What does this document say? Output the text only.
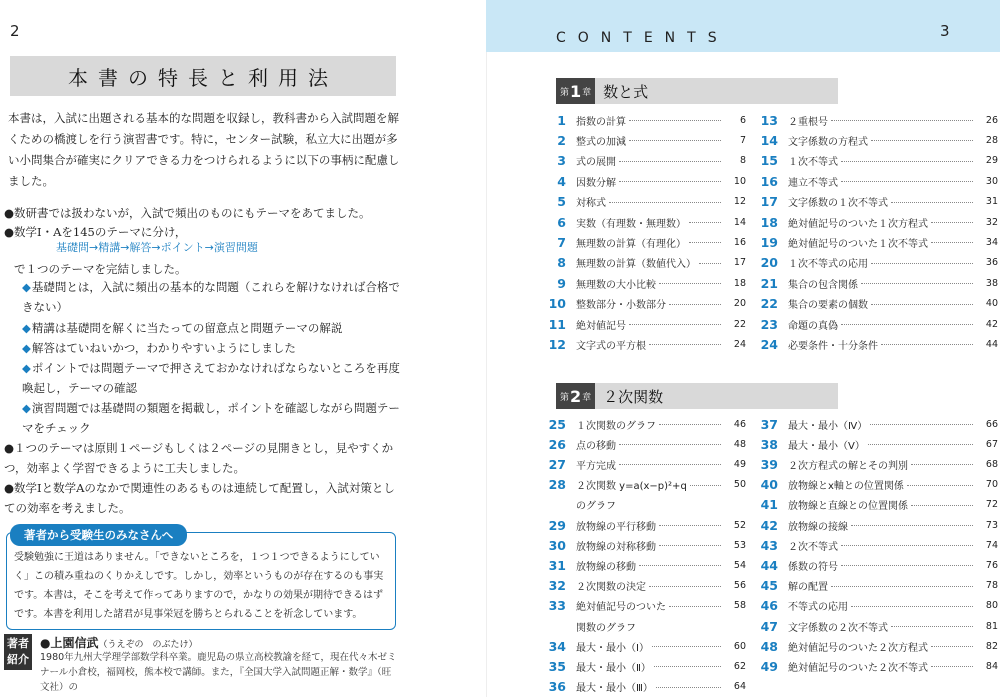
2
本書の特長と利用法
本書は，入試に出題される基本的な問題を収録し，教科書から入試問題を解くための橋渡しを行う演習書です。特に，センター試験，私立大に出題が多い小問集合が確実にクリアできる力をつけられるように以下の事柄に配慮しました。
●数研書では扱わないが，入試で頻出のものにもテーマをあてました。
●数学Ⅰ・Aを145のテーマに分け，
基礎問→精講→解答→ポイント→演習問題
で１つのテーマを完結しました。
◆基礎問とは，入試に頻出の基本的な問題（これらを解けなければ合格できない）
◆精講は基礎問を解くに当たっての留意点と問題テーマの解説
◆解答はていねいかつ，わかりやすいようにしました
◆ポイントでは問題テーマで押さえておかなければならないところを再度喚起し，テーマの確認
◆演習問題では基礎問の類題を掲載し，ポイントを確認しながら問題テーマをチェック
●１つのテーマは原則１ページもしくは２ページの見開きとし，見やすくかつ，効率よく学習できるように工夫しました。
●数学Ⅰと数学Aのなかで関連性のあるものは連続して配置し，入試対策としての効率を考えました。
著者から受験生のみなさんへ
受験勉強に王道はありません。「できないところを，１つ１つできるようにしていく」この積み重ねのくりかえしです。しかし，効率というものが存在するのも事実です。本書は，そこを考えて作ってありますので，かなりの効果が期待できるはずです。本書を利用した諸君が見事栄冠を勝ちとられることを祈念しています。
著者紹介
●上園信武（うえぞの　のぶたけ）
1980年九州大学理学部数学科卒業。鹿児島の県立高校教諭を経て，現在代々木ゼミナール小倉校，福岡校，熊本校で講師。また，『全国大学入試問題正解・数学』（旺文社）の
CONTENTS	3
第 1 章 数と式
第 2 章 ２次関数
1 指数の計算	6
2 整式の加減	7
3 式の展開	8
4 因数分解	10
5 対称式	12
6 実数（有理数・無理数）	14
7 無理数の計算（有理化）	16
8 無理数の計算（数値代入）	17
9 無理数の大小比較	18
10 整数部分・小数部分	20
11 絶対値記号	22
12 文字式の平方根	24
13 ２重根号	26
14 文字係数の方程式	28
15 １次不等式	29
16 連立不等式	30
17 文字係数の１次不等式	31
18 絶対値記号のついた１次方程式	32
19 絶対値記号のついた１次不等式	34
20 １次不等式の応用	36
21 集合の包含関係	38
22 集合の要素の個数	40
23 命題の真偽	42
24 必要条件・十分条件	44
25 １次関数のグラフ	46
26 点の移動	48
27 平方完成	49
28 ２次関数 y=a(x−p)²+q	50
のグラフ
29 放物線の平行移動	52
30 放物線の対称移動	53
31 放物線の移動	54
32 ２次関数の決定	56
33 絶対値記号のついた	58
関数のグラフ
34 最大・最小（Ⅰ）	60
35 最大・最小（Ⅱ）	62
36 最大・最小（Ⅲ）	64
37 最大・最小（Ⅳ）	66
38 最大・最小（Ⅴ）	67
39 ２次方程式の解とその判別	68
40 放物線とx軸との位置関係	70
41 放物線と直線との位置関係	72
42 放物線の接線	73
43 ２次不等式	74
44 係数の符号	76
45 解の配置	78
46 不等式の応用	80
47 文字係数の２次不等式	81
48 絶対値記号のついた２次方程式	82
49 絶対値記号のついた２次不等式	84
